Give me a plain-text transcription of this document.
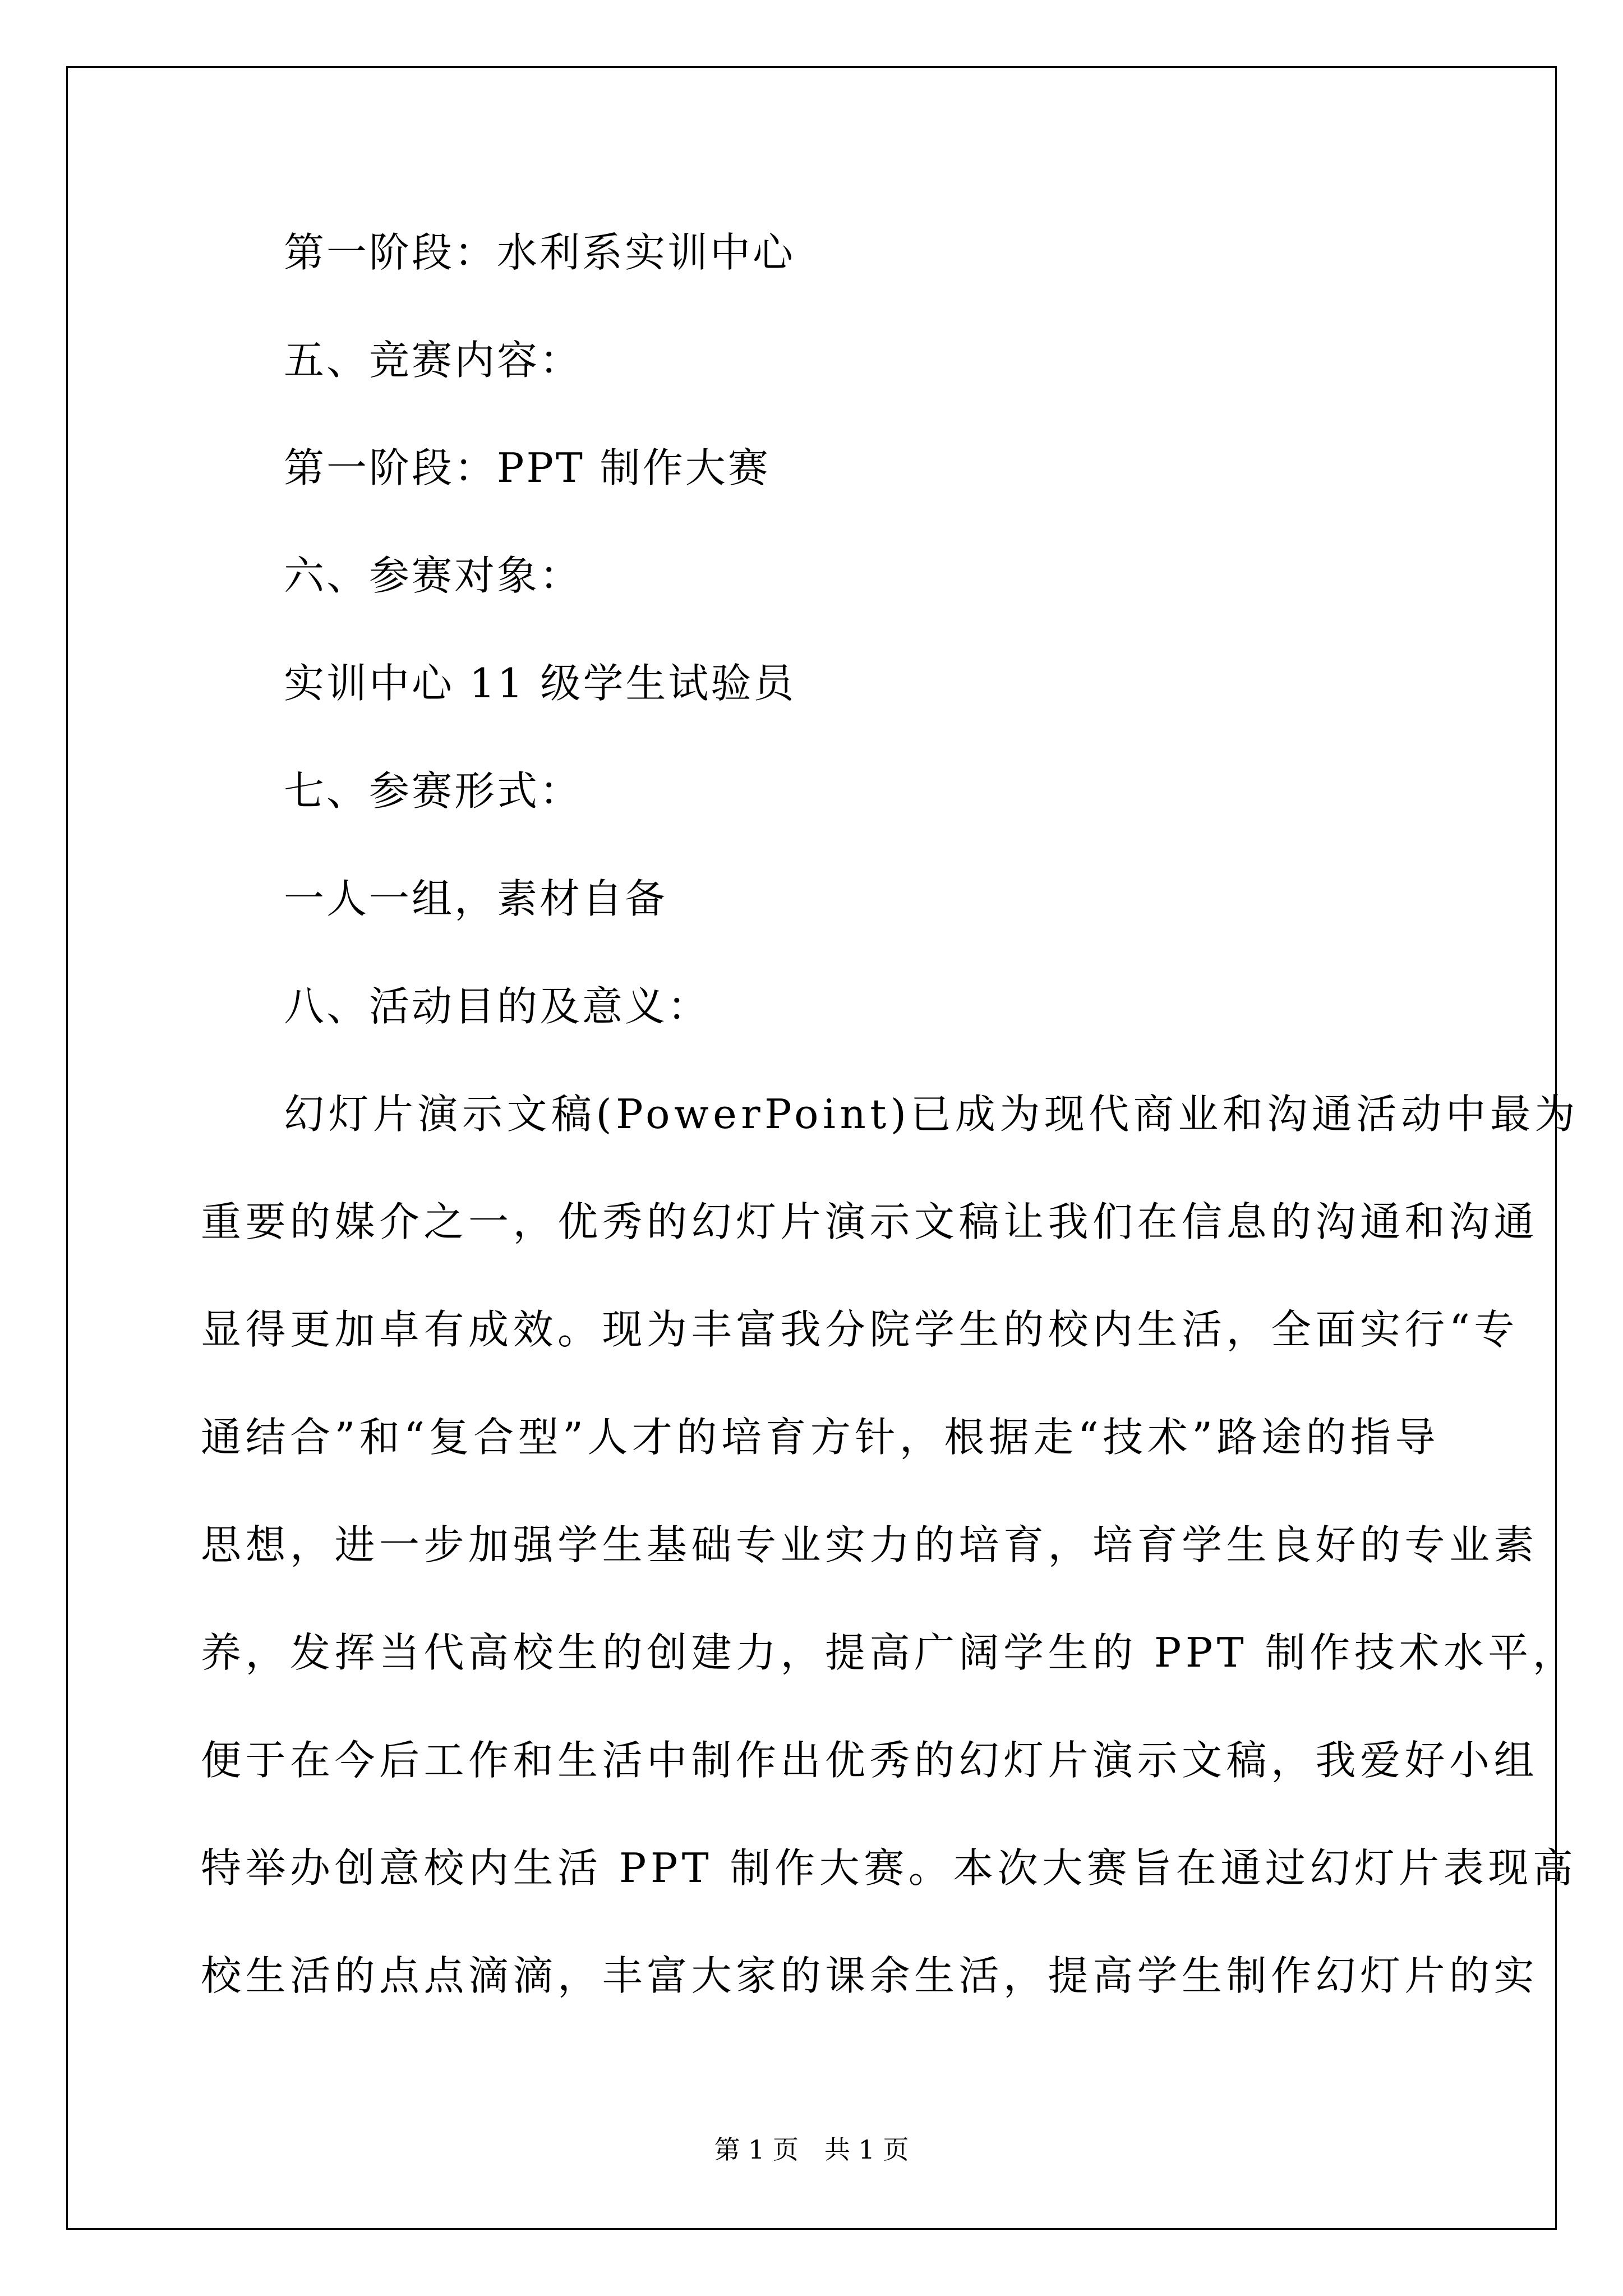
第一阶段：水利系实训中心
五、竞赛内容：
第一阶段：PPT 制作大赛
六、参赛对象：
实训中心 11 级学生试验员
七、参赛形式：
一人一组，素材自备
八、活动目的及意义：
幻灯片演示文稿(PowerPoint)已成为现代商业和沟通活动中最为
重要的媒介之一，优秀的幻灯片演示文稿让我们在信息的沟通和沟通
显得更加卓有成效。现为丰富我分院学生的校内生活，全面实行“专
通结合”和“复合型”人才的培育方针，根据走“技术”路途的指导
思想，进一步加强学生基础专业实力的培育，培育学生良好的专业素
养，发挥当代高校生的创建力，提高广阔学生的 PPT 制作技术水平，
便于在今后工作和生活中制作出优秀的幻灯片演示文稿，我爱好小组
特举办创意校内生活 PPT 制作大赛。本次大赛旨在通过幻灯片表现高
校生活的点点滴滴，丰富大家的课余生活，提高学生制作幻灯片的实
第 1 页 共 1 页
